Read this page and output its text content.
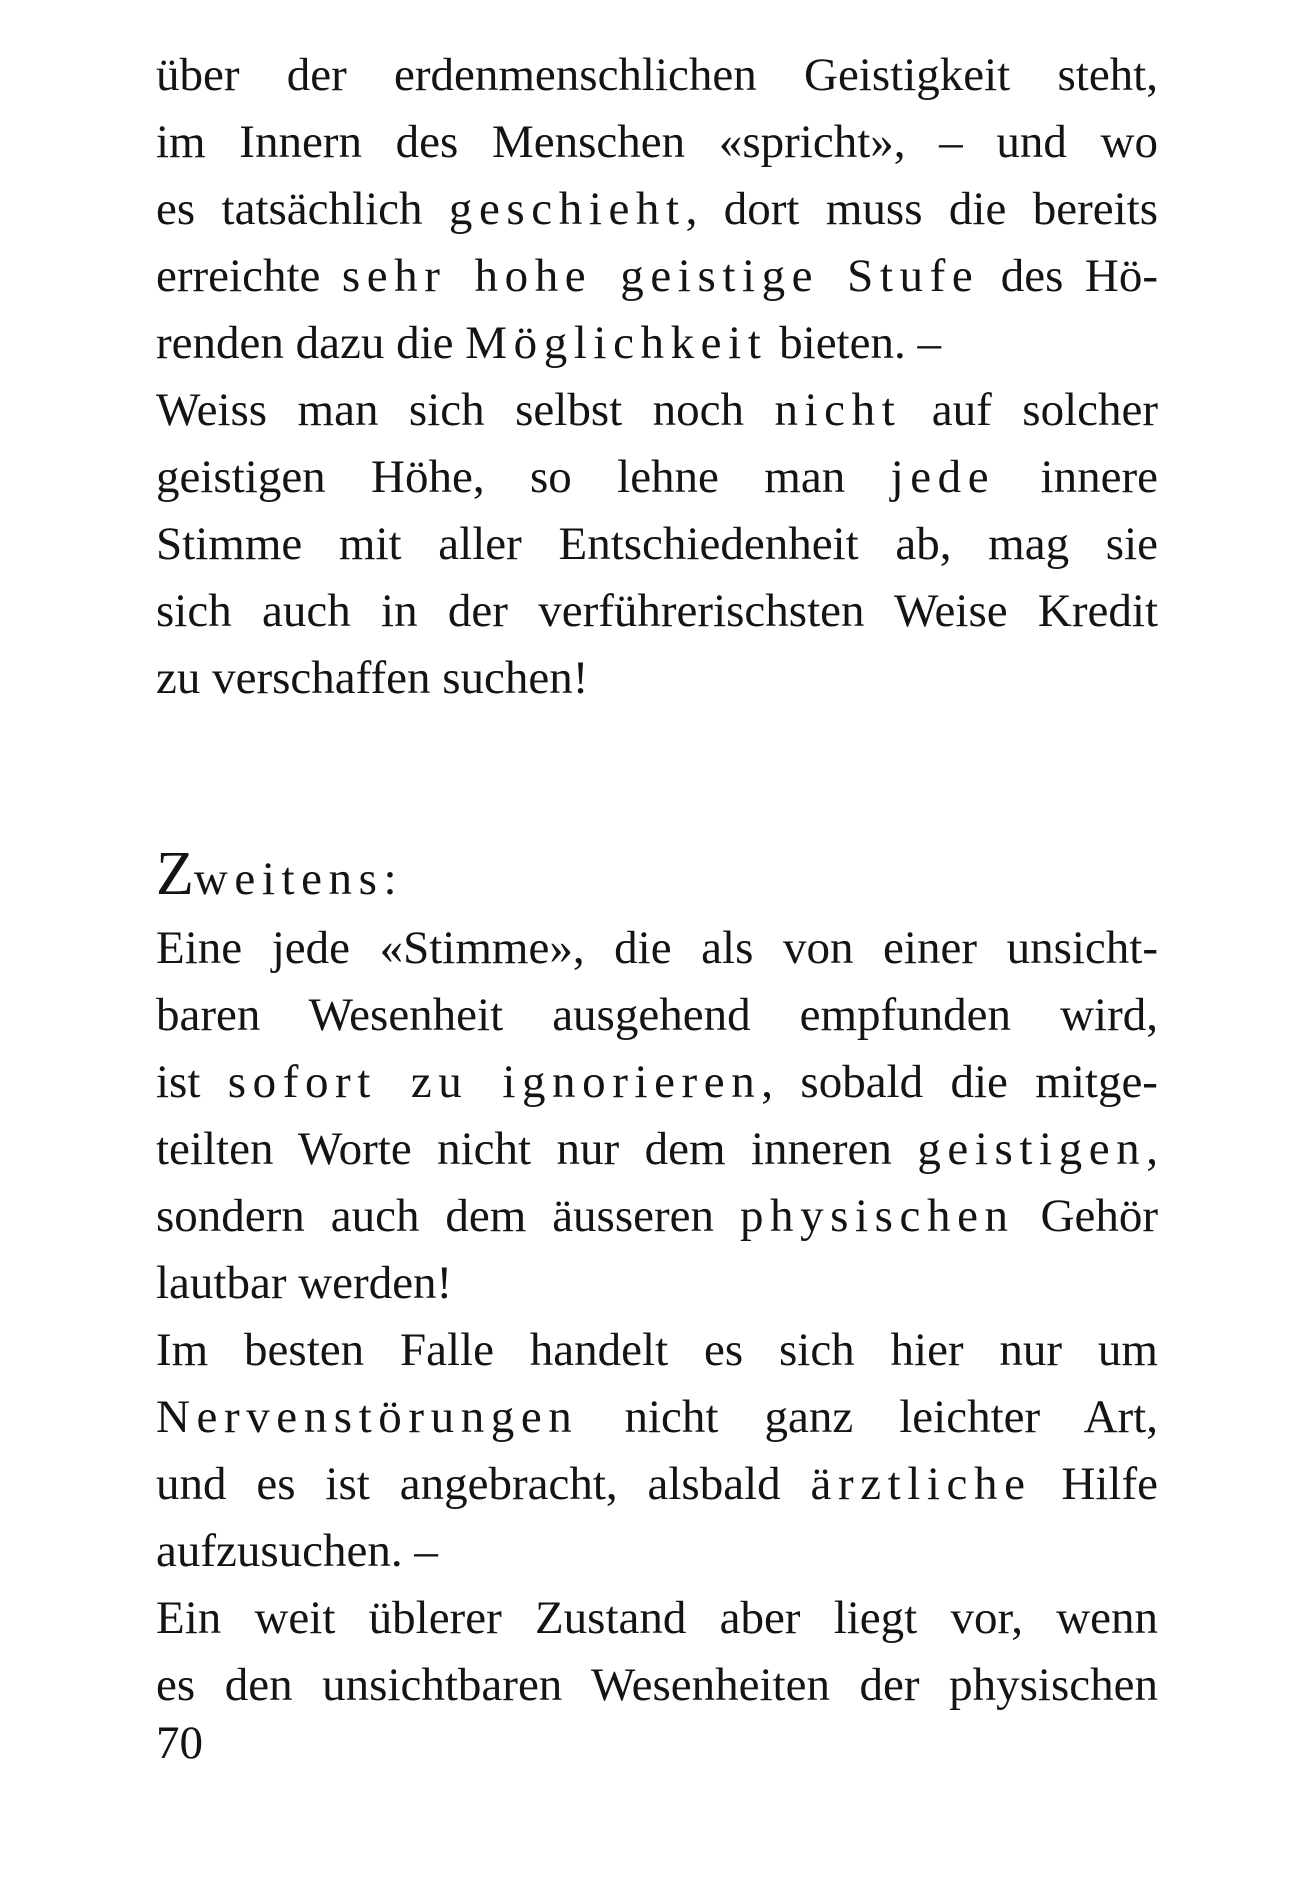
über der erdenmenschlichen Geistigkeit steht,
im Innern des Menschen «spricht», – und wo
es tatsächlich geschieht, dort muss die bereits
erreichte sehr hohe geistige Stufe des Hö-
renden dazu die Möglichkeit bieten. –
Weiss man sich selbst noch nicht auf solcher
geistigen Höhe, so lehne man jede innere
Stimme mit aller Entschiedenheit ab, mag sie
sich auch in der verführerischsten Weise Kredit
zu verschaffen suchen!
Zweitens:
Eine jede «Stimme», die als von einer unsicht-
baren Wesenheit ausgehend empfunden wird,
ist sofort zu ignorieren, sobald die mitge-
teilten Worte nicht nur dem inneren geistigen,
sondern auch dem äusseren physischen Gehör
lautbar werden!
Im besten Falle handelt es sich hier nur um
Nervenstörungen nicht ganz leichter Art,
und es ist angebracht, alsbald ärztliche Hilfe
aufzusuchen. –
Ein weit üblerer Zustand aber liegt vor, wenn
es den unsichtbaren Wesenheiten der physischen
70
